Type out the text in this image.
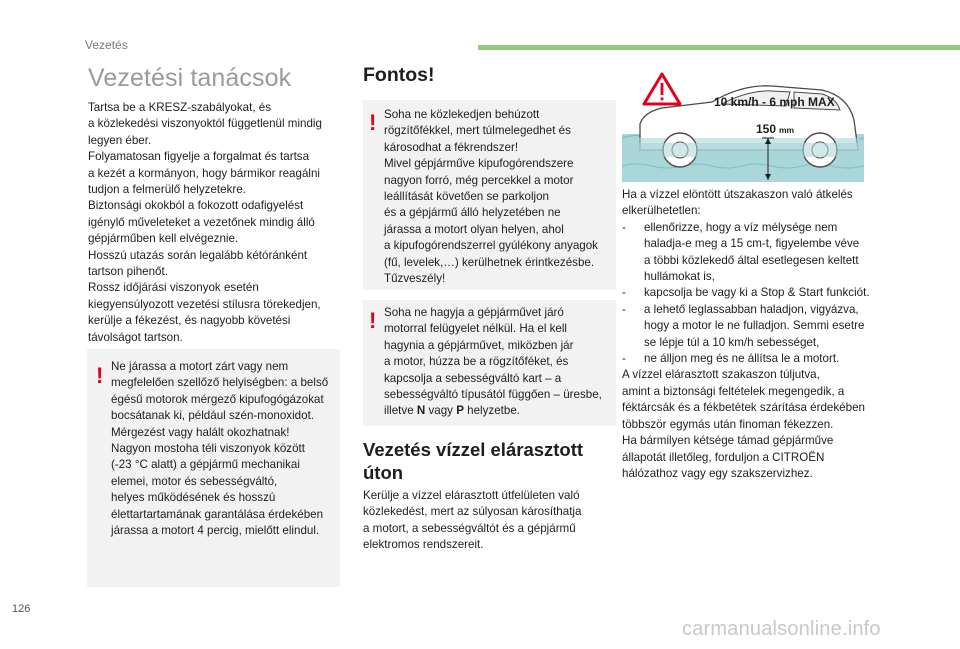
Vezetés
Vezetési tanácsok
Tartsa be a KRESZ-szabályokat, és
a közlekedési viszonyoktól függetlenül mindig
legyen éber.
Folyamatosan figyelje a forgalmat és tartsa
a kezét a kormányon, hogy bármikor reagálni
tudjon a felmerülő helyzetekre.
Biztonsági okokból a fokozott odafigyelést
igénylő műveleteket a vezetőnek mindig álló
gépjárműben kell elvégeznie.
Hosszú utazás során legalább kétóránként
tartson pihenőt.
Rossz időjárási viszonyok esetén
kiegyensúlyozott vezetési stílusra törekedjen,
kerülje a fékezést, és nagyobb követési
távolságot tartson.
! Ne járassa a motort zárt vagy nem
megfelelően szellőző helyiségben: a belső
égésű motorok mérgező kipufogógázokat
bocsátanak ki, például szén-monoxidot.
Mérgezést vagy halált okozhatnak!
Nagyon mostoha téli viszonyok között
(-23 °C alatt) a gépjármű mechanikai
elemei, motor és sebességváltó,
helyes működésének és hosszú
élettartartamának garantálása érdekében
járassa a motort 4 percig, mielőtt elindul.
Fontos!
! Soha ne közlekedjen behúzott
rögzítőfékkel, mert túlmelegedhet és
károsodhat a fékrendszer!
Mivel gépjárműve kipufogórendszere
nagyon forró, még percekkel a motor
leállítását követően se parkoljon
és a gépjármű álló helyzetében ne
járassa a motort olyan helyen, ahol
a kipufogórendszerrel gyúlékony anyagok
(fű, levelek,…) kerülhetnek érintkezésbe.
Tűzveszély!
! Soha ne hagyja a gépjárművet járó
motorral felügyelet nélkül. Ha el kell
hagynia a gépjárművet, miközben jár
a motor, húzza be a rögzítőféket, és
kapcsolja a sebességváltó kart – a
sebességváltó típusától függően – üresbe,
illetve N vagy P helyzetbe.
Vezetés vízzel elárasztott
úton
Kerülje a vízzel elárasztott útfelületen való
közlekedést, mert az súlyosan károsíthatja
a motort, a sebességváltót és a gépjármű
elektromos rendszereit.
10 km/h - 6 mph MAX
150 mm
Ha a vízzel elöntött útszakaszon való átkelés
elkerülhetetlen:
- ellenőrizze, hogy a víz mélysége nem
haladja-e meg a 15 cm-t, figyelembe véve
a többi közlekedő által esetlegesen keltett
hullámokat is,
- kapcsolja be vagy ki a Stop & Start funkciót.
- a lehető leglassabban haladjon, vigyázva,
hogy a motor le ne fulladjon. Semmi esetre
se lépje túl a 10 km/h sebességet,
- ne álljon meg és ne állítsa le a motort.
A vízzel elárasztott szakaszon túljutva,
amint a biztonsági feltételek megengedik, a
féktárcsák és a fékbetétek szárítása érdekében
többször egymás után finoman fékezzen.
Ha bármilyen kétsége támad gépjárműve
állapotát illetőleg, forduljon a CITROËN
hálózathoz vagy egy szakszervizhez.
126
carmanualsonline.info
